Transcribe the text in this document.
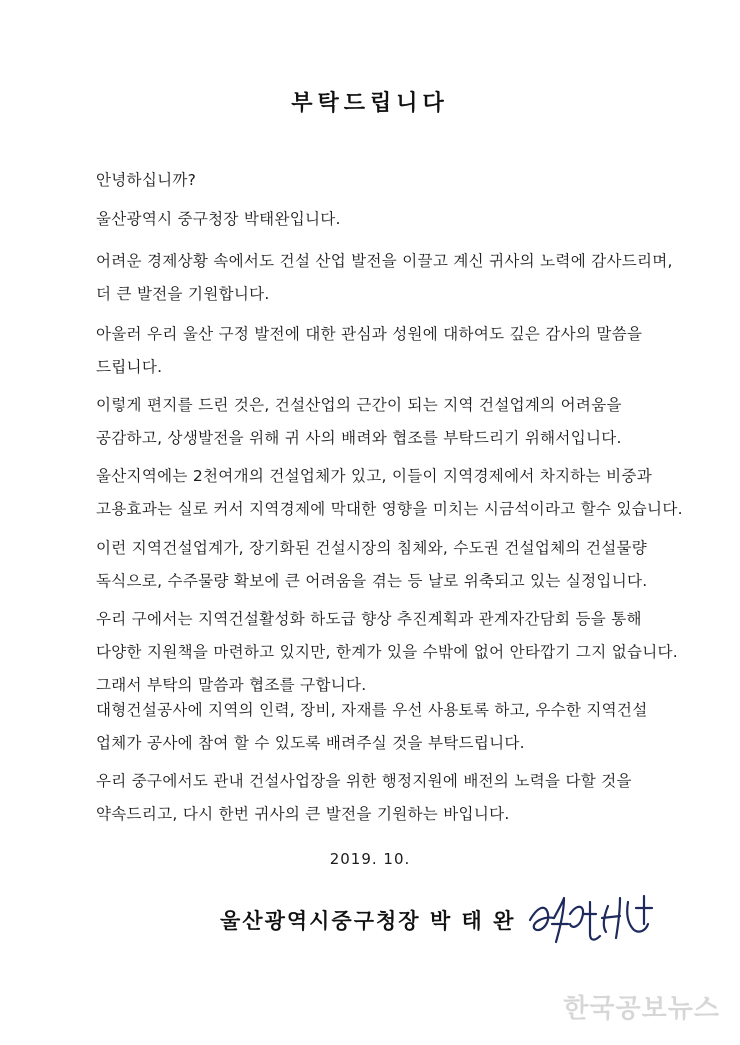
부탁드립니다
안녕하십니까?
울산광역시 중구청장 박태완입니다.
어려운 경제상황 속에서도 건설 산업 발전을 이끌고 계신 귀사의 노력에 감사드리며,
더 큰 발전을 기원합니다.
아울러 우리 울산 구정 발전에 대한 관심과 성원에 대하여도 깊은 감사의 말씀을
드립니다.
이렇게 편지를 드린 것은, 건설산업의 근간이 되는 지역 건설업계의 어려움을
공감하고, 상생발전을 위해 귀 사의 배려와 협조를 부탁드리기 위해서입니다.
울산지역에는 2천여개의 건설업체가 있고, 이들이 지역경제에서 차지하는 비중과
고용효과는 실로 커서 지역경제에 막대한 영향을 미치는 시금석이라고 할수 있습니다.
이런 지역건설업계가, 장기화된 건설시장의 침체와, 수도권 건설업체의 건설물량
독식으로, 수주물량 확보에 큰 어려움을 겪는 등 날로 위축되고 있는 실정입니다.
우리 구에서는 지역건설활성화 하도급 향상 추진계획과 관계자간담회 등을 통해
다양한 지원책을 마련하고 있지만, 한계가 있을 수밖에 없어 안타깝기 그지 없습니다.
그래서 부탁의 말씀과 협조를 구합니다.
대형건설공사에 지역의 인력, 장비, 자재를 우선 사용토록 하고, 우수한 지역건설
업체가 공사에 참여 할 수 있도록 배려주실 것을 부탁드립니다.
우리 중구에서도 관내 건설사업장을 위한 행정지원에 배전의 노력을 다할 것을
약속드리고, 다시 한번 귀사의 큰 발전을 기원하는 바입니다.
2019. 10.
울산광역시중구청장 박 태 완
한국공보뉴스
